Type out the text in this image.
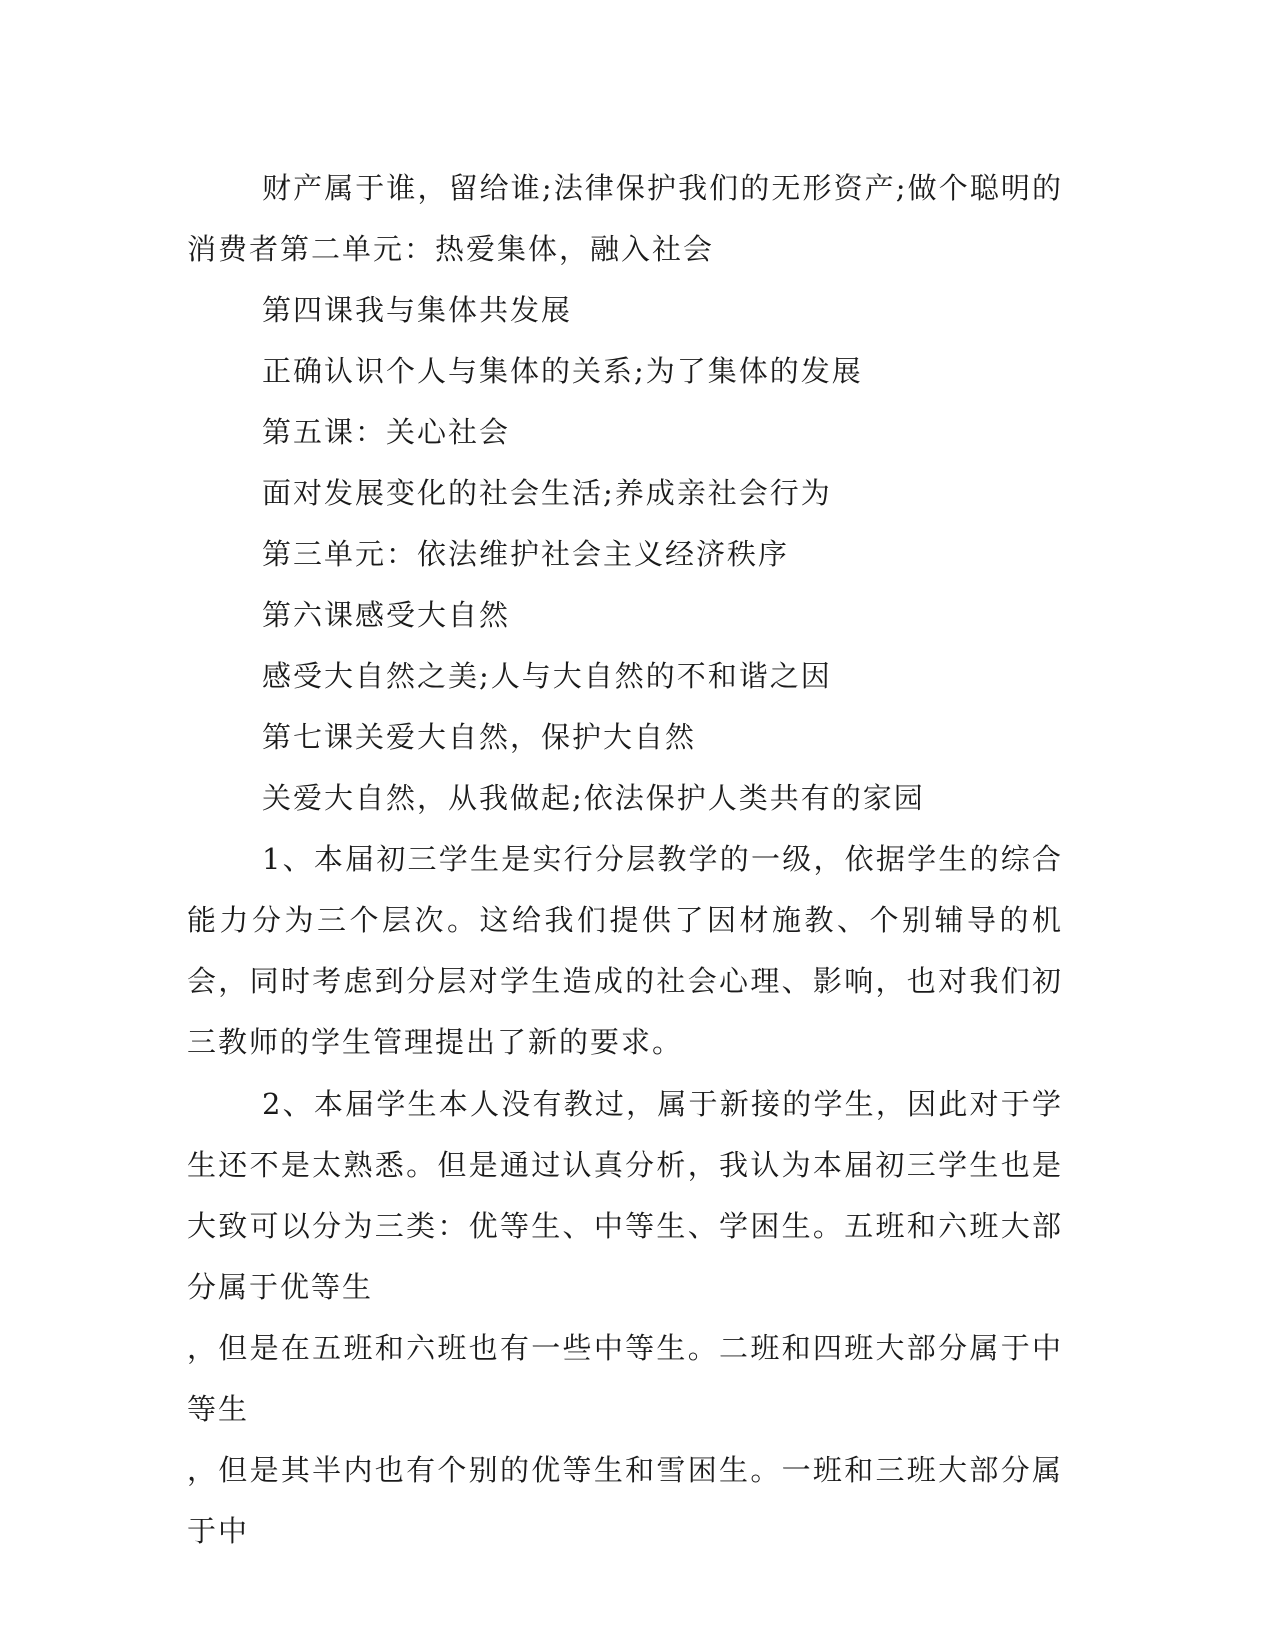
财产属于谁，留给谁;法律保护我们的无形资产;做个聪明的消费者第二单元：热爱集体，融入社会

第四课我与集体共发展

正确认识个人与集体的关系;为了集体的发展

第五课：关心社会

面对发展变化的社会生活;养成亲社会行为

第三单元：依法维护社会主义经济秩序

第六课感受大自然

感受大自然之美;人与大自然的不和谐之因

第七课关爱大自然，保护大自然

关爱大自然，从我做起;依法保护人类共有的家园

1、本届初三学生是实行分层教学的一级，依据学生的综合能力分为三个层次。这给我们提供了因材施教、个别辅导的机会，同时考虑到分层对学生造成的社会心理、影响，也对我们初三教师的学生管理提出了新的要求。

2、本届学生本人没有教过，属于新接的学生，因此对于学生还不是太熟悉。但是通过认真分析，我认为本届初三学生也是大致可以分为三类：优等生、中等生、学困生。五班和六班大部分属于优等生

，但是在五班和六班也有一些中等生。二班和四班大部分属于中等生

，但是其半内也有个别的优等生和雪困生。一班和三班大部分属于中
